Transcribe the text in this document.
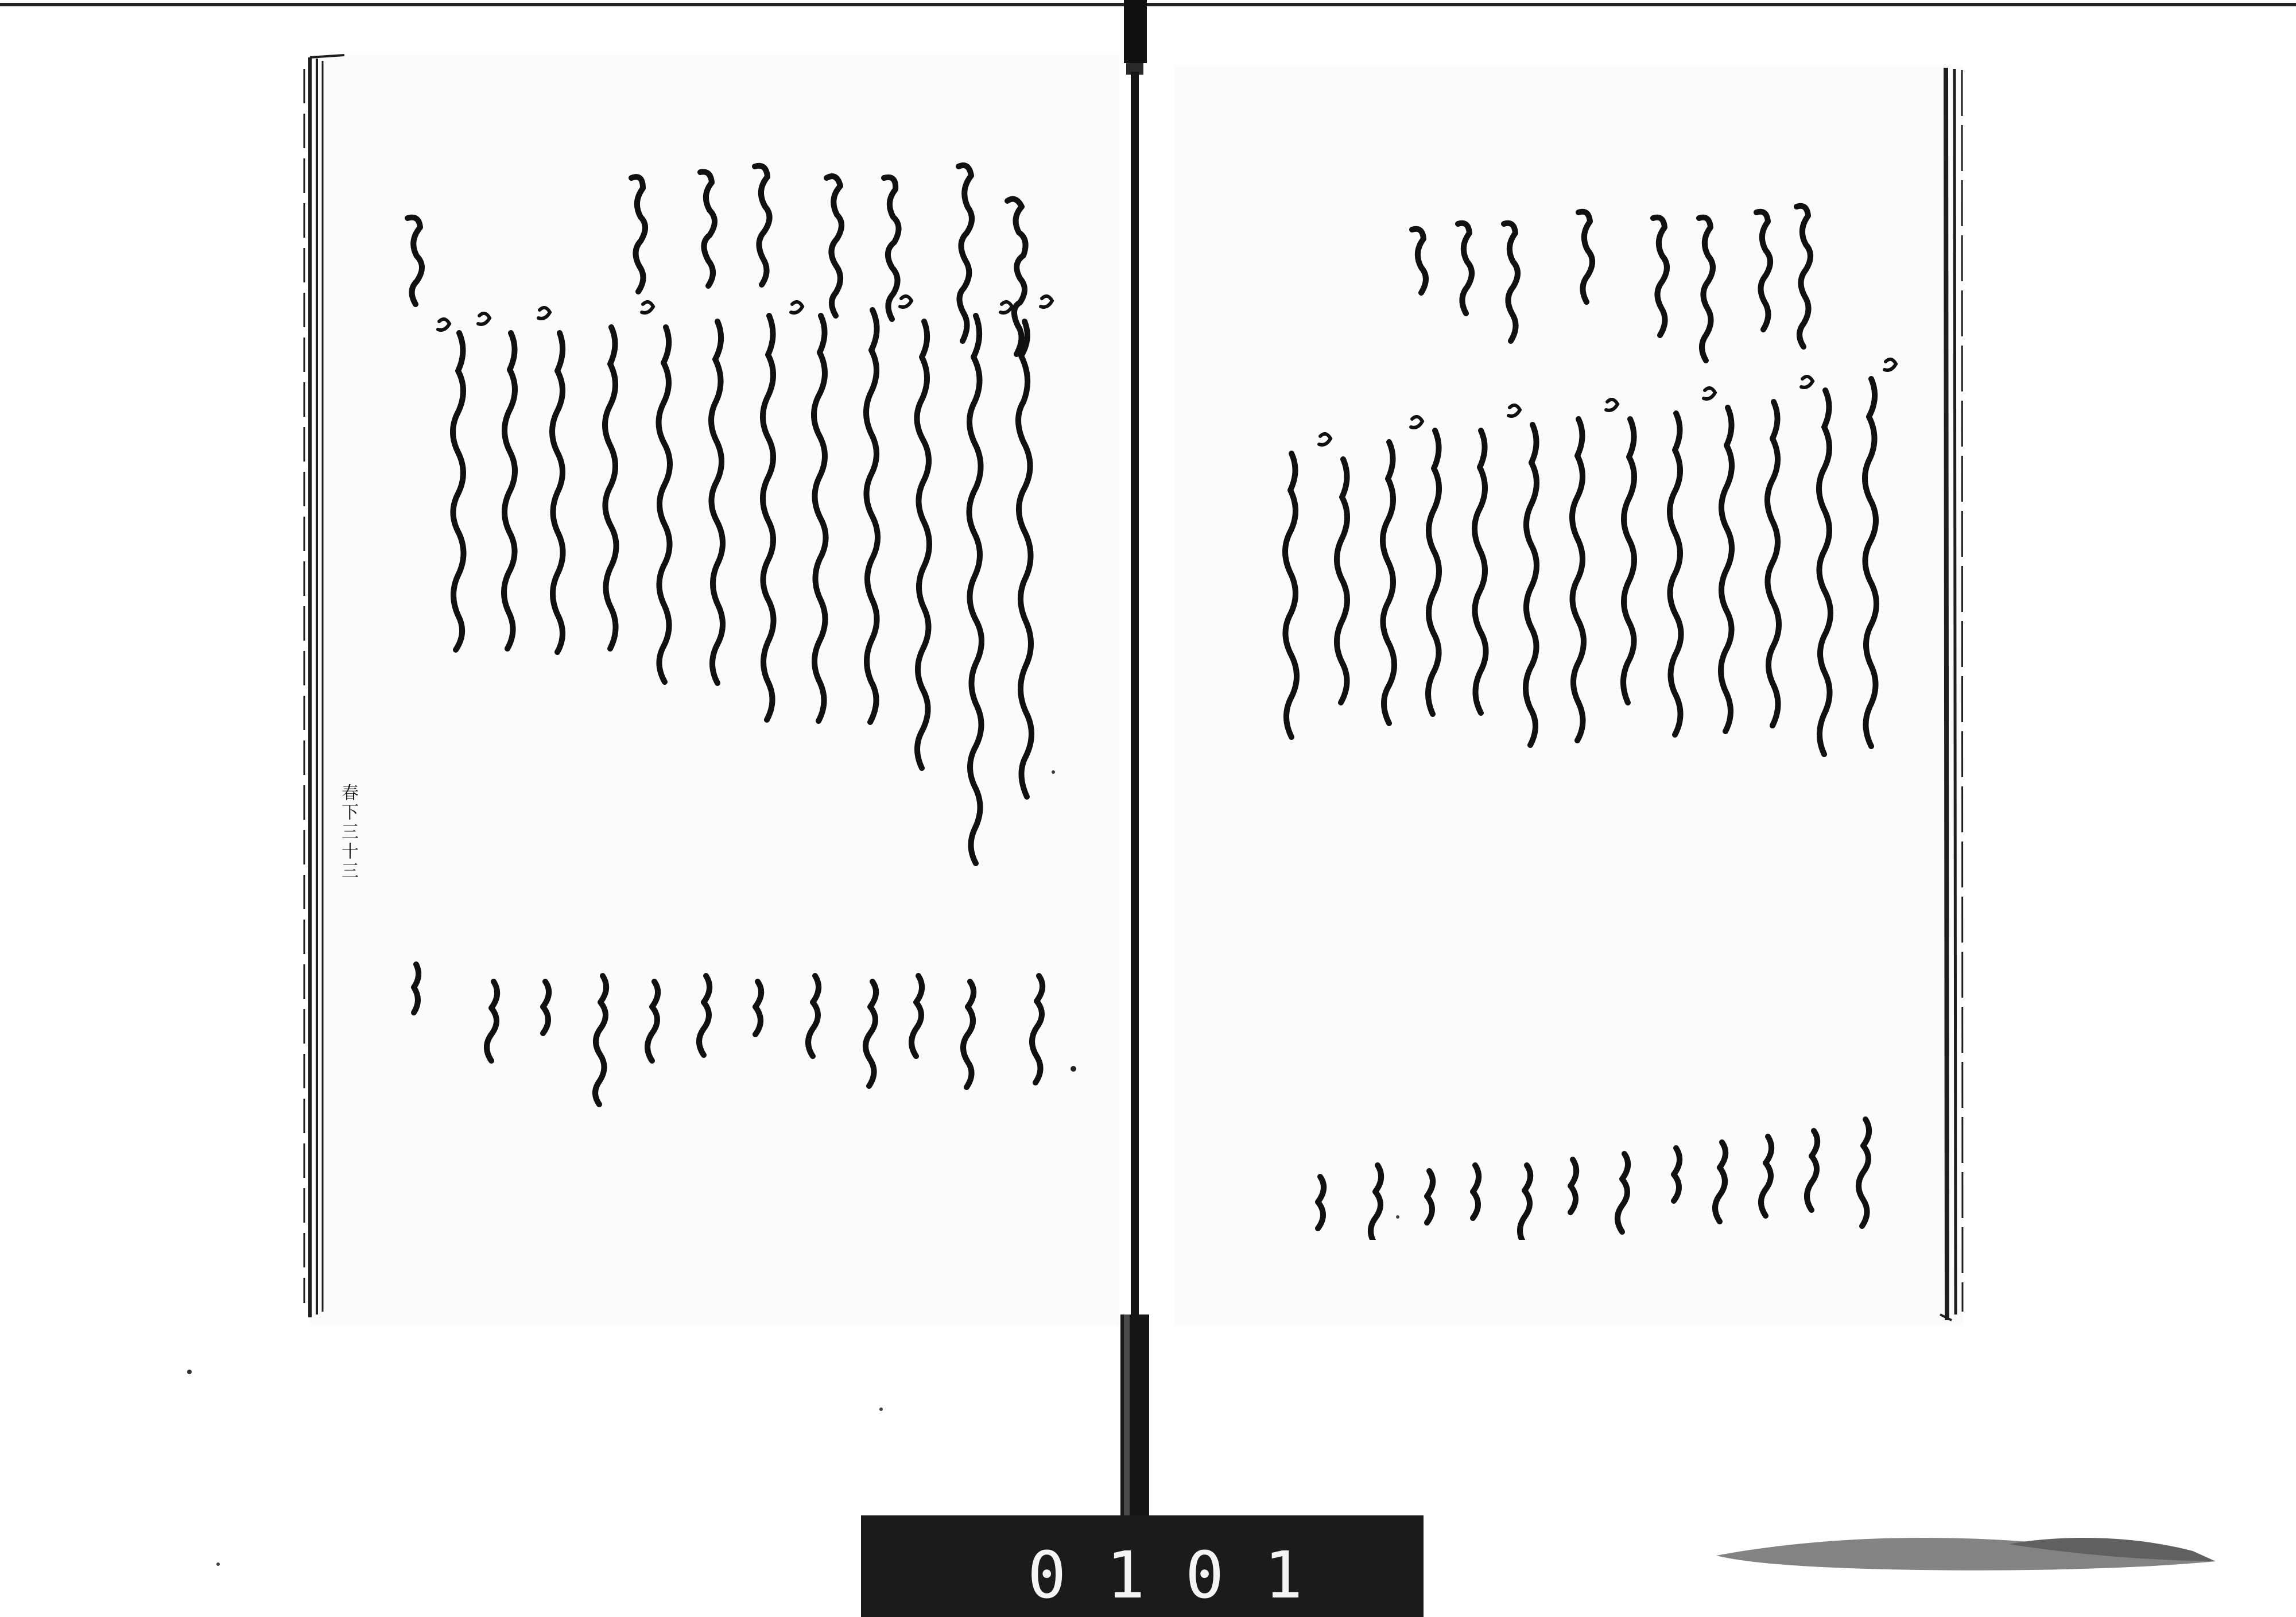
春下三十三
0101
